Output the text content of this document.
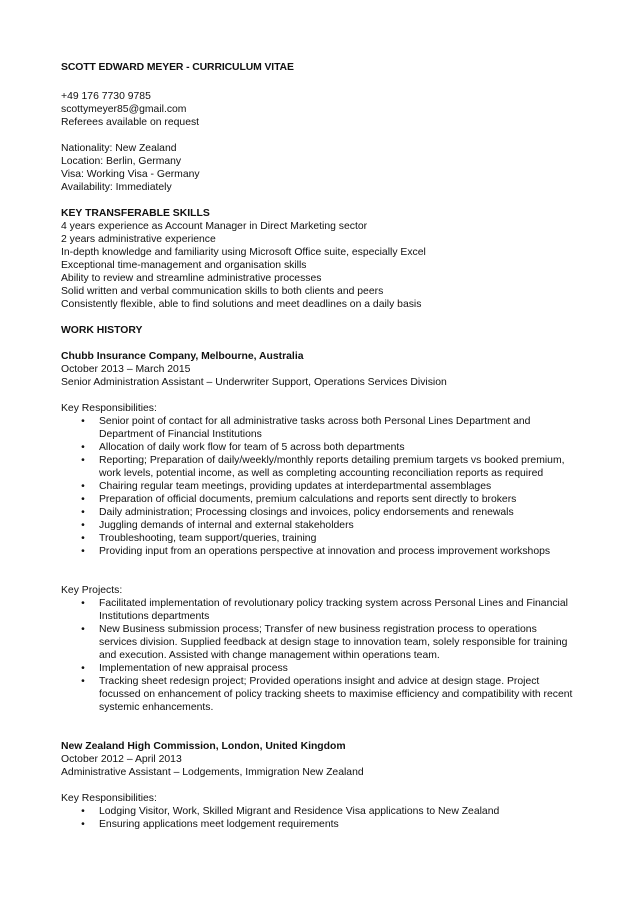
SCOTT EDWARD MEYER - CURRICULUM VITAE
+49 176 7730 9785
scottymeyer85@gmail.com
Referees available on request
Nationality: New Zealand
Location: Berlin, Germany
Visa: Working Visa - Germany
Availability: Immediately
KEY TRANSFERABLE SKILLS
4 years experience as Account Manager in Direct Marketing sector
2 years administrative experience
In-depth knowledge and familiarity using Microsoft Office suite, especially Excel
Exceptional time-management and organisation skills
Ability to review and streamline administrative processes
Solid written and verbal communication skills to both clients and peers
Consistently flexible, able to find solutions and meet deadlines on a daily basis
WORK HISTORY
Chubb Insurance Company, Melbourne, Australia
October 2013 – March 2015
Senior Administration Assistant – Underwriter Support, Operations Services Division
Key Responsibilities:
•	Senior point of contact for all administrative tasks across both Personal Lines Department and Department of Financial Institutions
•	Allocation of daily work flow for team of 5 across both departments
•	Reporting; Preparation of daily/weekly/monthly reports detailing premium targets vs booked premium, work levels, potential income, as well as completing accounting reconciliation reports as required
•	Chairing regular team meetings, providing updates at interdepartmental assemblages
•	Preparation of official documents, premium calculations and reports sent directly to brokers
•	Daily administration; Processing closings and invoices, policy endorsements and renewals
•	Juggling demands of internal and external stakeholders
•	Troubleshooting, team support/queries, training
•	Providing input from an operations perspective at innovation and process improvement workshops
Key Projects:
•	Facilitated implementation of revolutionary policy tracking system across Personal Lines and Financial Institutions departments
•	New Business submission process; Transfer of new business registration process to operations services division. Supplied feedback at design stage to innovation team, solely responsible for training and execution. Assisted with change management within operations team.
•	Implementation of new appraisal process
•	Tracking sheet redesign project; Provided operations insight and advice at design stage. Project focussed on enhancement of policy tracking sheets to maximise efficiency and compatibility with recent systemic enhancements.
New Zealand High Commission, London, United Kingdom
October 2012 – April 2013
Administrative Assistant – Lodgements, Immigration New Zealand
Key Responsibilities:
•	Lodging Visitor, Work, Skilled Migrant and Residence Visa applications to New Zealand
•	Ensuring applications meet lodgement requirements
